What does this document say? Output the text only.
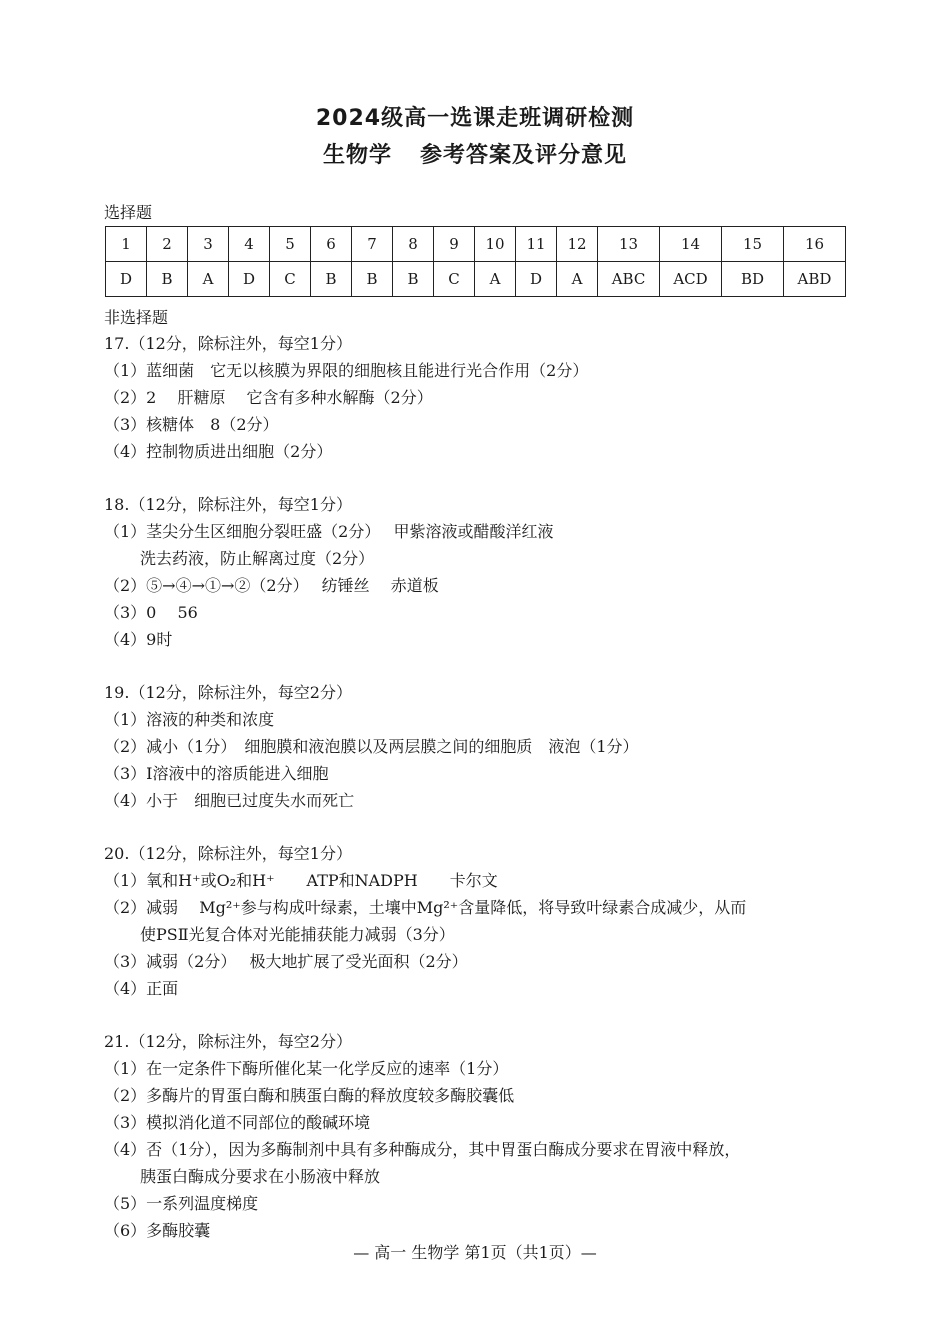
2024级高一选课走班调研检测
生物学 参考答案及评分意见
选择题
1	2	3	4	5	6	7	8	9	10	11	12	13	14	15	16
D	B	A	D	C	B	B	B	C	A	D	A	ABC	ACD	BD	ABD
非选择题
17.（12分，除标注外，每空1分）
（1）蓝细菌　它无以核膜为界限的细胞核且能进行光合作用（2分）
（2）2　 肝糖原　 它含有多种水解酶（2分）
（3）核糖体　8（2分）
（4）控制物质进出细胞（2分）
18.（12分，除标注外，每空1分）
（1）茎尖分生区细胞分裂旺盛（2分）　 甲紫溶液或醋酸洋红液
洗去药液，防止解离过度（2分）
（2）⑤→④→①→②（2分）　 纺锤丝　 赤道板
（3）0　 56
（4）9时
19.（12分，除标注外，每空2分）
（1）溶液的种类和浓度
（2）减小（1分）　细胞膜和液泡膜以及两层膜之间的细胞质　液泡（1分）
（3）Ⅰ溶液中的溶质能进入细胞
（4）小于　细胞已过度失水而死亡
20.（12分，除标注外，每空1分）
（1）氧和H⁺或O₂和H⁺　　ATP和NADPH　　卡尔文
（2）减弱　 Mg²⁺参与构成叶绿素，土壤中Mg²⁺含量降低，将导致叶绿素合成减少，从而
使PSⅡ光复合体对光能捕获能力减弱（3分）
（3）减弱（2分）　 极大地扩展了受光面积（2分）
（4）正面
21.（12分，除标注外，每空2分）
（1）在一定条件下酶所催化某一化学反应的速率（1分）
（2）多酶片的胃蛋白酶和胰蛋白酶的释放度较多酶胶囊低
（3）模拟消化道不同部位的酸碱环境
（4）否（1分），因为多酶制剂中具有多种酶成分，其中胃蛋白酶成分要求在胃液中释放，
胰蛋白酶成分要求在小肠液中释放
（5）一系列温度梯度
（6）多酶胶囊
— 高一 生物学 第1页（共1页）—
